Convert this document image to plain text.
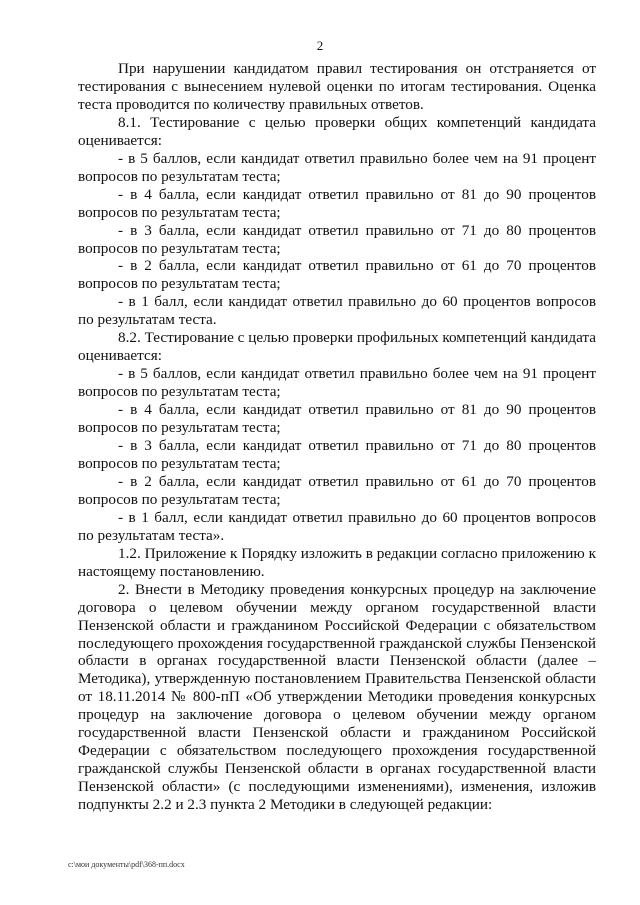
2

При нарушении кандидатом правил тестирования он отстраняется от тестирования с вынесением нулевой оценки по итогам тестирования. Оценка теста проводится по количеству правильных ответов.

8.1. Тестирование с целью проверки общих компетенций кандидата оценивается:

- в 5 баллов, если кандидат ответил правильно более чем на 91 процент вопросов по результатам теста;

- в 4 балла, если кандидат ответил правильно от 81 до 90 процентов вопросов по результатам теста;

- в 3 балла, если кандидат ответил правильно от 71 до 80 процентов вопросов по результатам теста;

- в 2 балла, если кандидат ответил правильно от 61 до 70 процентов вопросов по результатам теста;

- в 1 балл, если кандидат ответил правильно до 60 процентов вопросов по результатам теста.

8.2. Тестирование с целью проверки профильных компетенций кандидата оценивается:

- в 5 баллов, если кандидат ответил правильно более чем на 91 процент вопросов по результатам теста;

- в 4 балла, если кандидат ответил правильно от 81 до 90 процентов вопросов по результатам теста;

- в 3 балла, если кандидат ответил правильно от 71 до 80 процентов вопросов по результатам теста;

- в 2 балла, если кандидат ответил правильно от 61 до 70 процентов вопросов по результатам теста;

- в 1 балл, если кандидат ответил правильно до 60 процентов вопросов по результатам теста».

1.2. Приложение к Порядку изложить в редакции согласно приложению к настоящему постановлению.

2. Внести в Методику проведения конкурсных процедур на заключение договора о целевом обучении между органом государственной власти Пензенской области и гражданином Российской Федерации с обязательством последующего прохождения государственной гражданской службы Пензенской области в органах государственной власти Пензенской области (далее – Методика), утвержденную постановлением Правительства Пензенской области от 18.11.2014 № 800-пП «Об утверждении Методики проведения конкурсных процедур на заключение договора о целевом обучении между органом государственной власти Пензенской области и гражданином Российской Федерации с обязательством последующего прохождения государственной гражданской службы Пензенской области в органах государственной власти Пензенской области» (с последующими изменениями), изменения, изложив подпункты 2.2 и 2.3 пункта 2 Методики в следующей редакции:

c:\мои документы\pdf\368-пп.docx
